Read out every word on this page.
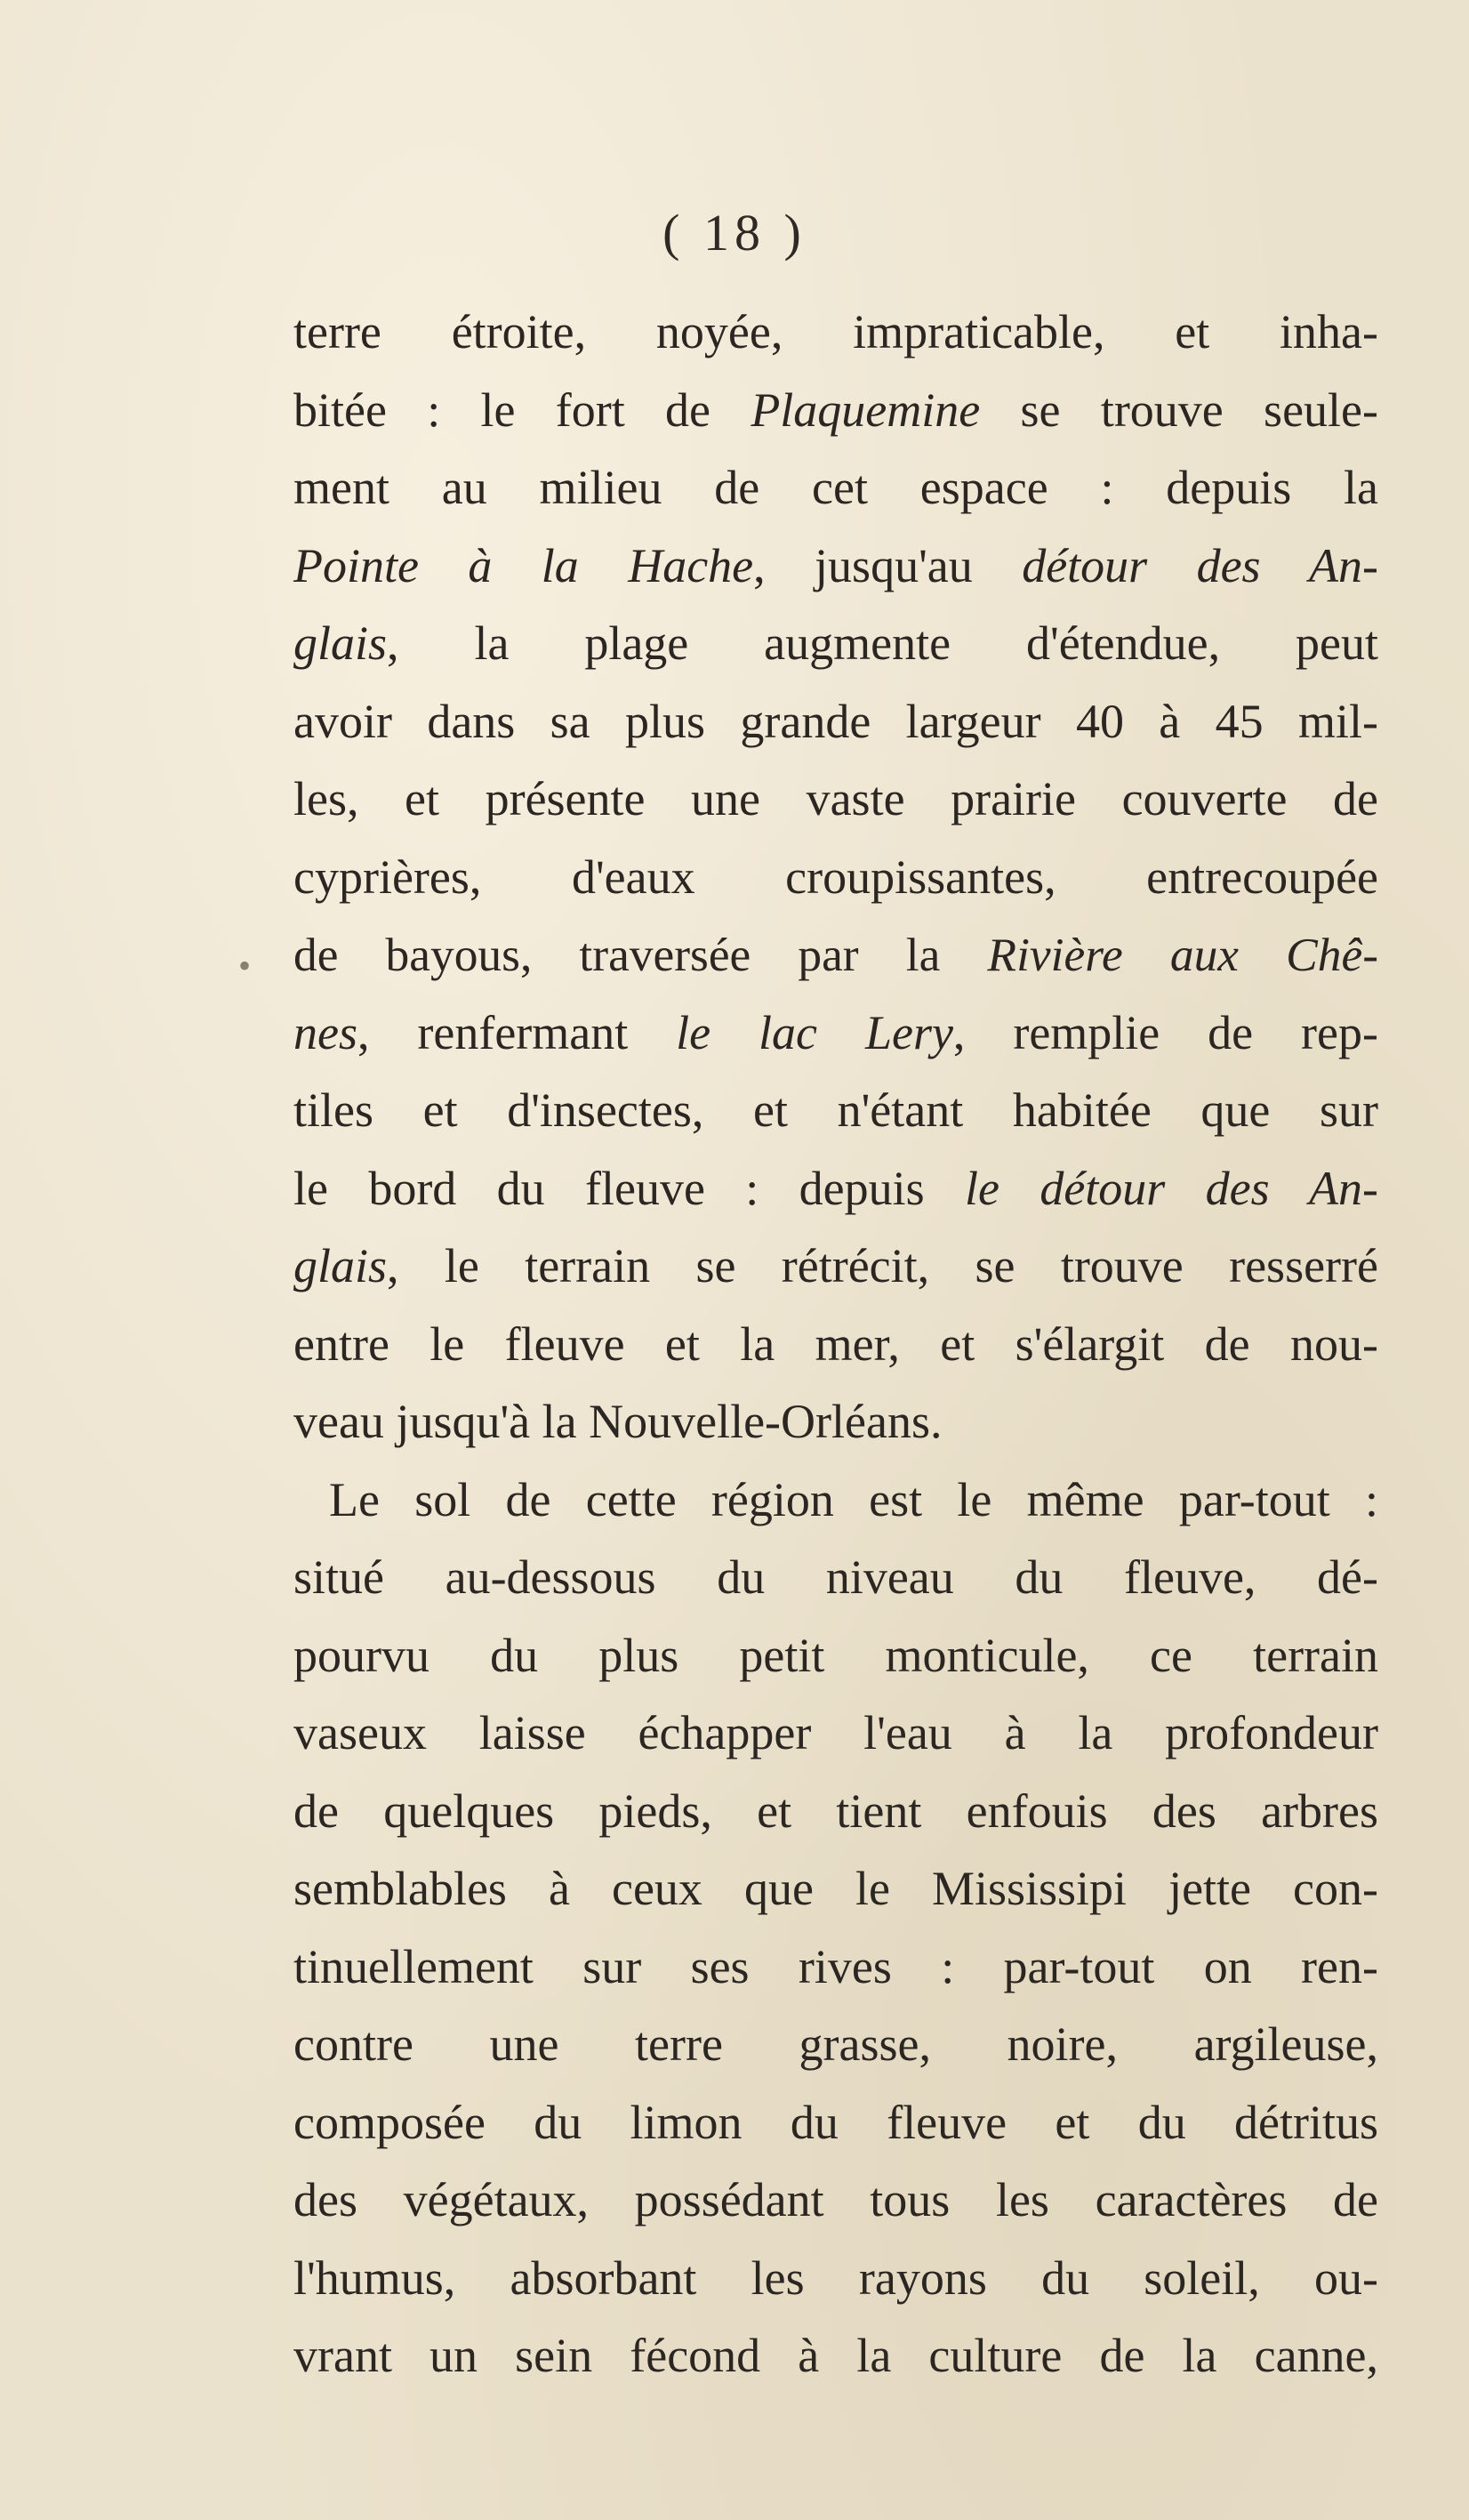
( 18 )
terre étroite, noyée, impraticable, et inha-
bitée : le fort de Plaquemine se trouve seule-
ment au milieu de cet espace : depuis la
Pointe à la Hache, jusqu'au détour des An-
glais, la plage augmente d'étendue, peut
avoir dans sa plus grande largeur 40 à 45 mil-
les, et présente une vaste prairie couverte de
cyprières, d'eaux croupissantes, entrecoupée
de bayous, traversée par la Rivière aux Chê-
nes, renfermant le lac Lery, remplie de rep-
tiles et d'insectes, et n'étant habitée que sur
le bord du fleuve : depuis le détour des An-
glais, le terrain se rétrécit, se trouve resserré
entre le fleuve et la mer, et s'élargit de nou-
veau jusqu'à la Nouvelle-Orléans.
Le sol de cette région est le même par-tout :
situé au-dessous du niveau du fleuve, dé-
pourvu du plus petit monticule, ce terrain
vaseux laisse échapper l'eau à la profondeur
de quelques pieds, et tient enfouis des arbres
semblables à ceux que le Mississipi jette con-
tinuellement sur ses rives : par-tout on ren-
contre une terre grasse, noire, argileuse,
composée du limon du fleuve et du détritus
des végétaux, possédant tous les caractères de
l'humus, absorbant les rayons du soleil, ou-
vrant un sein fécond à la culture de la canne,
•
